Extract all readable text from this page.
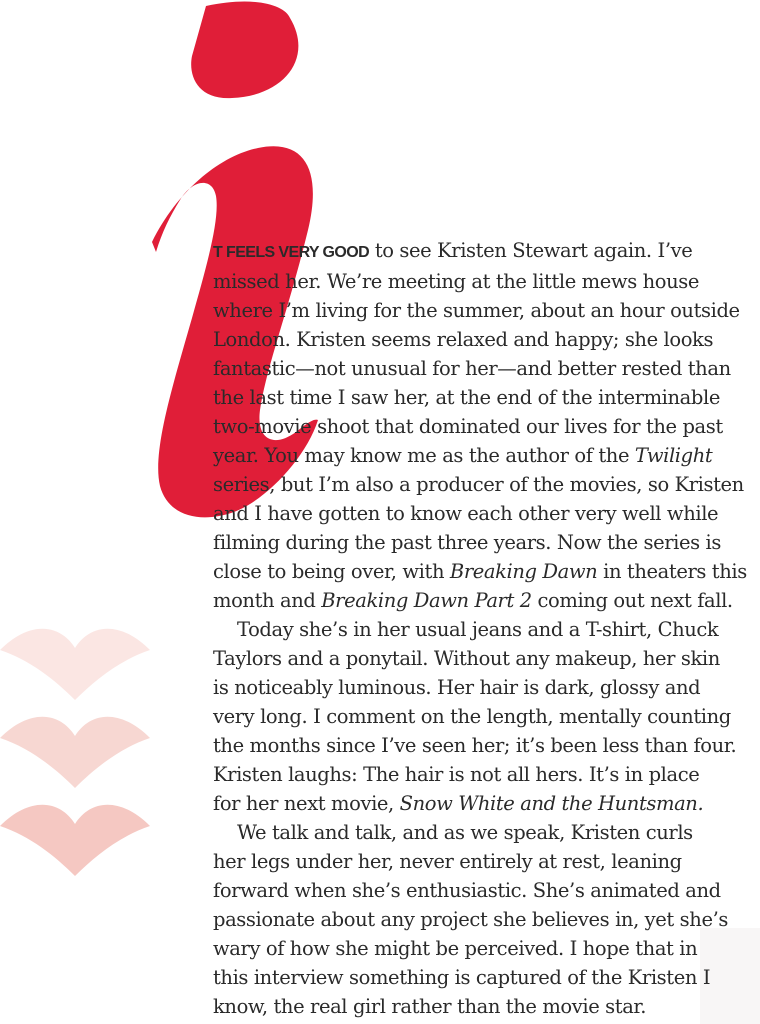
T FEELS VERY GOOD to see Kristen Stewart again. I’ve
missed her. We’re meeting at the little mews house
where I’m living for the summer, about an hour outside
London. Kristen seems relaxed and happy; she looks
fantastic—not unusual for her—and better rested than
the last time I saw her, at the end of the interminable
two-movie shoot that dominated our lives for the past
year. You may know me as the author of the Twilight
series, but I’m also a producer of the movies, so Kristen
and I have gotten to know each other very well while
filming during the past three years. Now the series is
close to being over, with Breaking Dawn in theaters this
month and Breaking Dawn Part 2 coming out next fall.
Today she’s in her usual jeans and a T-shirt, Chuck
Taylors and a ponytail. Without any makeup, her skin
is noticeably luminous. Her hair is dark, glossy and
very long. I comment on the length, mentally counting
the months since I’ve seen her; it’s been less than four.
Kristen laughs: The hair is not all hers. It’s in place
for her next movie, Snow White and the Huntsman.
We talk and talk, and as we speak, Kristen curls
her legs under her, never entirely at rest, leaning
forward when she’s enthusiastic. She’s animated and
passionate about any project she believes in, yet she’s
wary of how she might be perceived. I hope that in
this interview something is captured of the Kristen I
know, the real girl rather than the movie star.
